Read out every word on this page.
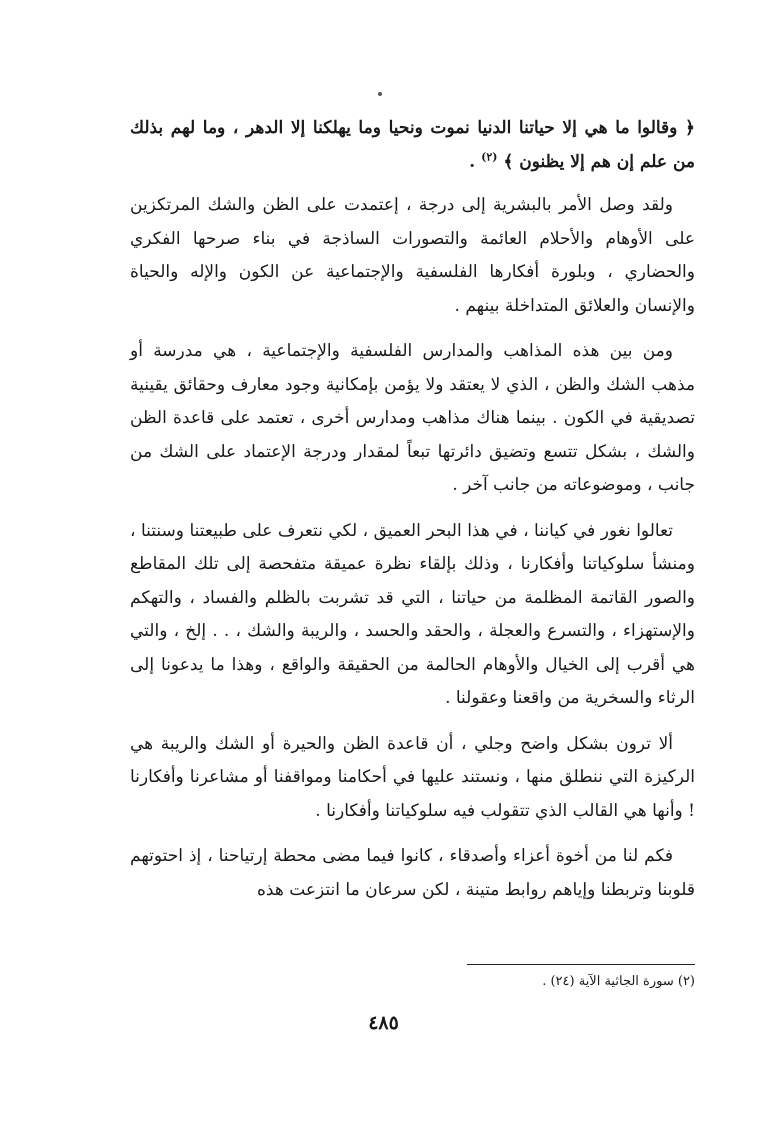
﴿ وقالوا ما هي إلا حياتنا الدنيا نموت ونحيا وما يهلكنا إلا الدهر ، وما لهم بذلك من علم إن هم إلا يظنون ﴾ $^{(٢)}$ .

ولقد وصل الأمر بالبشرية إلى درجة ، إعتمدت على الظن والشك المرتكزين على الأوهام والأحلام العائمة والتصورات الساذجة في بناء صرحها الفكري والحضاري ، وبلورة أفكارها الفلسفية والإجتماعية عن الكون والإله والحياة والإنسان والعلائق المتداخلة بينهم .

ومن بين هذه المذاهب والمدارس الفلسفية والإجتماعية ، هي مدرسة أو مذهب الشك والظن ، الذي لا يعتقد ولا يؤمن بإمكانية وجود معارف وحقائق يقينية تصديقية في الكون . بينما هناك مذاهب ومدارس أخرى ، تعتمد على قاعدة الظن والشك ، بشكل تتسع وتضيق دائرتها تبعاً لمقدار ودرجة الإعتماد على الشك من جانب ، وموضوعاته من جانب آخر .

تعالوا نغور في كياننا ، في هذا البحر العميق ، لكي نتعرف على طبيعتنا وسنتنا ، ومنشأ سلوكياتنا وأفكارنا ، وذلك بإلقاء نظرة عميقة متفحصة إلى تلك المقاطع والصور القاتمة المظلمة من حياتنا ، التي قد تشربت بالظلم والفساد ، والتهكم والإستهزاء ، والتسرع والعجلة ، والحقد والحسد ، والريبة والشك ، . . إلخ ، والتي هي أقرب إلى الخيال والأوهام الحالمة من الحقيقة والواقع ، وهذا ما يدعونا إلى الرثاء والسخرية من واقعنا وعقولنا .

ألا ترون بشكل واضح وجلي ، أن قاعدة الظن والحيرة أو الشك والريبة هي الركيزة التي ننطلق منها ، ونستند عليها في أحكامنا ومواقفنا أو مشاعرنا وأفكارنا ! وأنها هي القالب الذي تتقولب فيه سلوكياتنا وأفكارنا .

فكم لنا من أخوة أعزاء وأصدقاء ، كانوا فيما مضى محطة إرتياحنا ، إذ احتوتهم قلوبنا وتربطنا وإياهم روابط متينة ، لكن سرعان ما انتزعت هذه

(٢) سورة الجاثية الآية (٢٤) .
٤٨٥
